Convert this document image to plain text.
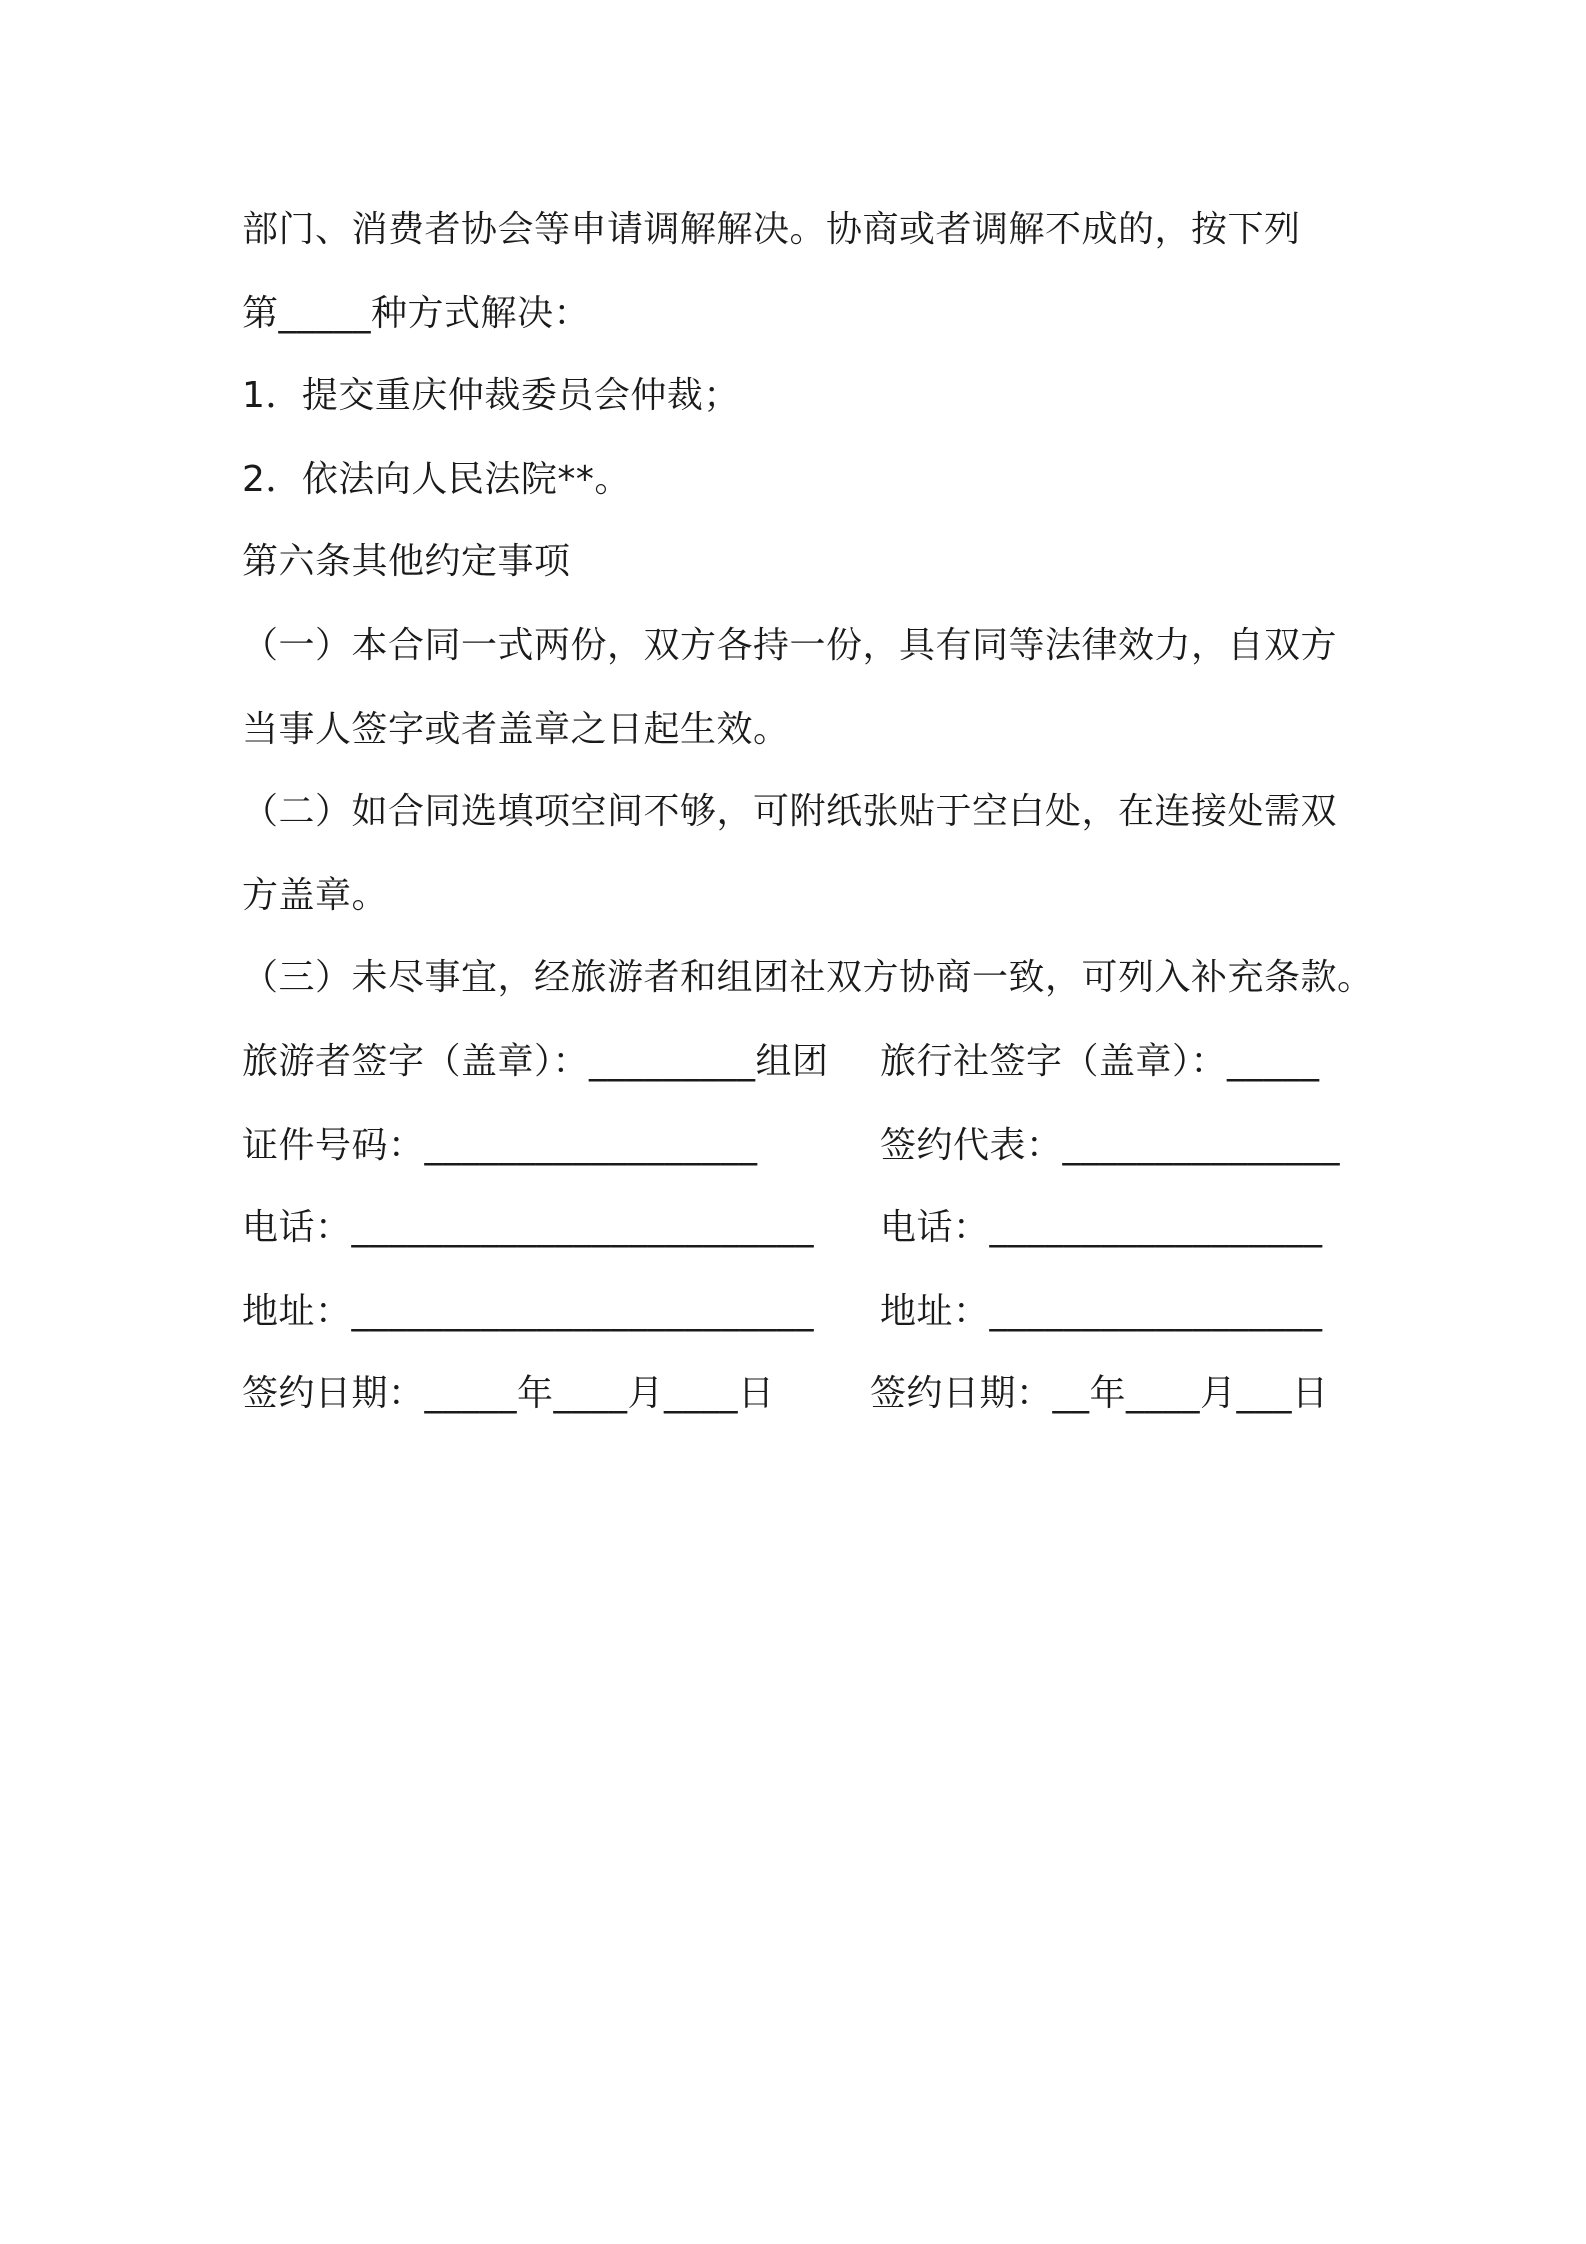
部门、消费者协会等申请调解解决。协商或者调解不成的，按下列
第_____种方式解决：
1．提交重庆仲裁委员会仲裁；
2．依法向人民法院**。
第六条其他约定事项
（一）本合同一式两份，双方各持一份，具有同等法律效力，自双方
当事人签字或者盖章之日起生效。
（二）如合同选填项空间不够，可附纸张贴于空白处，在连接处需双
方盖章。
（三）未尽事宜，经旅游者和组团社双方协商一致，可列入补充条款。
旅游者签字（盖章）：_________组团 旅行社签字（盖章）：_____
证件号码：__________________	签约代表：_______________
电话：_________________________ 电话：__________________
地址：_________________________ 地址：__________________
签约日期：_____年____月____日	签约日期：__年____月___日
